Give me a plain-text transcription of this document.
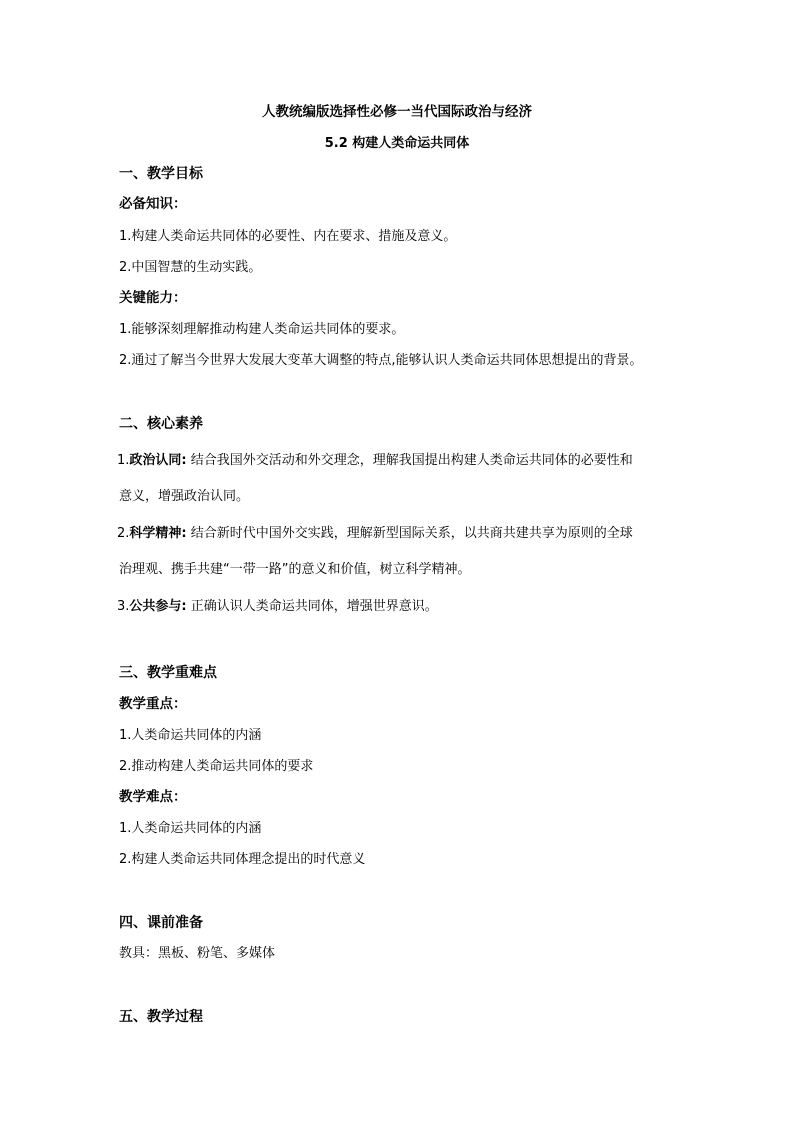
人教统编版选择性必修一当代国际政治与经济
5.2 构建人类命运共同体
一、教学目标
必备知识：
1.构建人类命运共同体的必要性、内在要求、措施及意义。
2.中国智慧的生动实践。
关键能力：
1.能够深刻理解推动构建人类命运共同体的要求。
2.通过了解当今世界大发展大变革大调整的特点,能够认识人类命运共同体思想提出的背景。
二、核心素养
1.政治认同: 结合我国外交活动和外交理念，理解我国提出构建人类命运共同体的必要性和
意义，增强政治认同。
2.科学精神: 结合新时代中国外交实践，理解新型国际关系，以共商共建共享为原则的全球
治理观、携手共建“一带一路”的意义和价值，树立科学精神。
3.公共参与: 正确认识人类命运共同体，增强世界意识。
三、教学重难点
教学重点：
1.人类命运共同体的内涵
2.推动构建人类命运共同体的要求
教学难点：
1.人类命运共同体的内涵
2.构建人类命运共同体理念提出的时代意义
四、课前准备
教具：黑板、粉笔、多媒体
五、教学过程
